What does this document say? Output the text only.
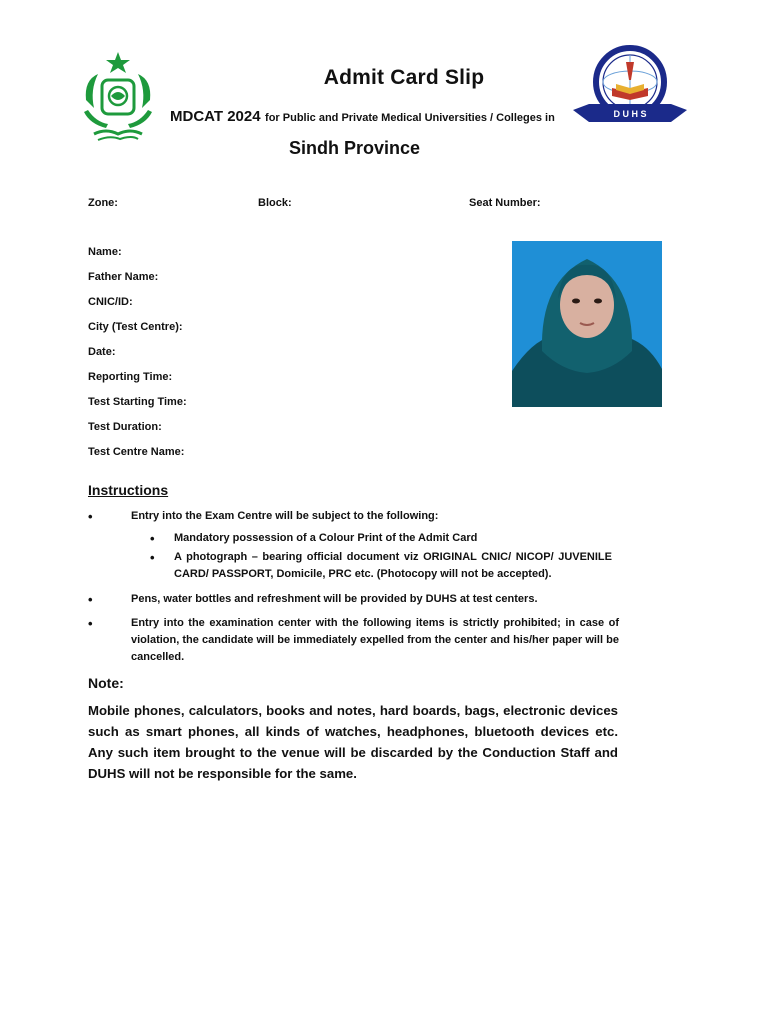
Admit Card Slip
MDCAT 2024 for Public and Private Medical Universities / Colleges in
Sindh Province
D U H S
Zone:	Block:	Seat Number:
Name:
Father Name:
CNIC/ID:
City (Test Centre):
Date:
Reporting Time:
Test Starting Time:
Test Duration:
Test Centre Name:
Instructions
•	Entry into the Exam Centre will be subject to the following:
• Mandatory possession of a Colour Print of the Admit Card
• A photograph – bearing official document viz ORIGINAL CNIC/ NICOP/ JUVENILE CARD/ PASSPORT, Domicile, PRC etc. (Photocopy will not be accepted).
•	Pens, water bottles and refreshment will be provided by DUHS at test centers.
•	Entry into the examination center with the following items is strictly prohibited; in case of violation, the candidate will be immediately expelled from the center and his/her paper will be cancelled.
Note:
Mobile phones, calculators, books and notes, hard boards, bags, electronic devices such as smart phones, all kinds of watches, headphones, bluetooth devices etc. Any such item brought to the venue will be discarded by the Conduction Staff and DUHS will not be responsible for the same.
